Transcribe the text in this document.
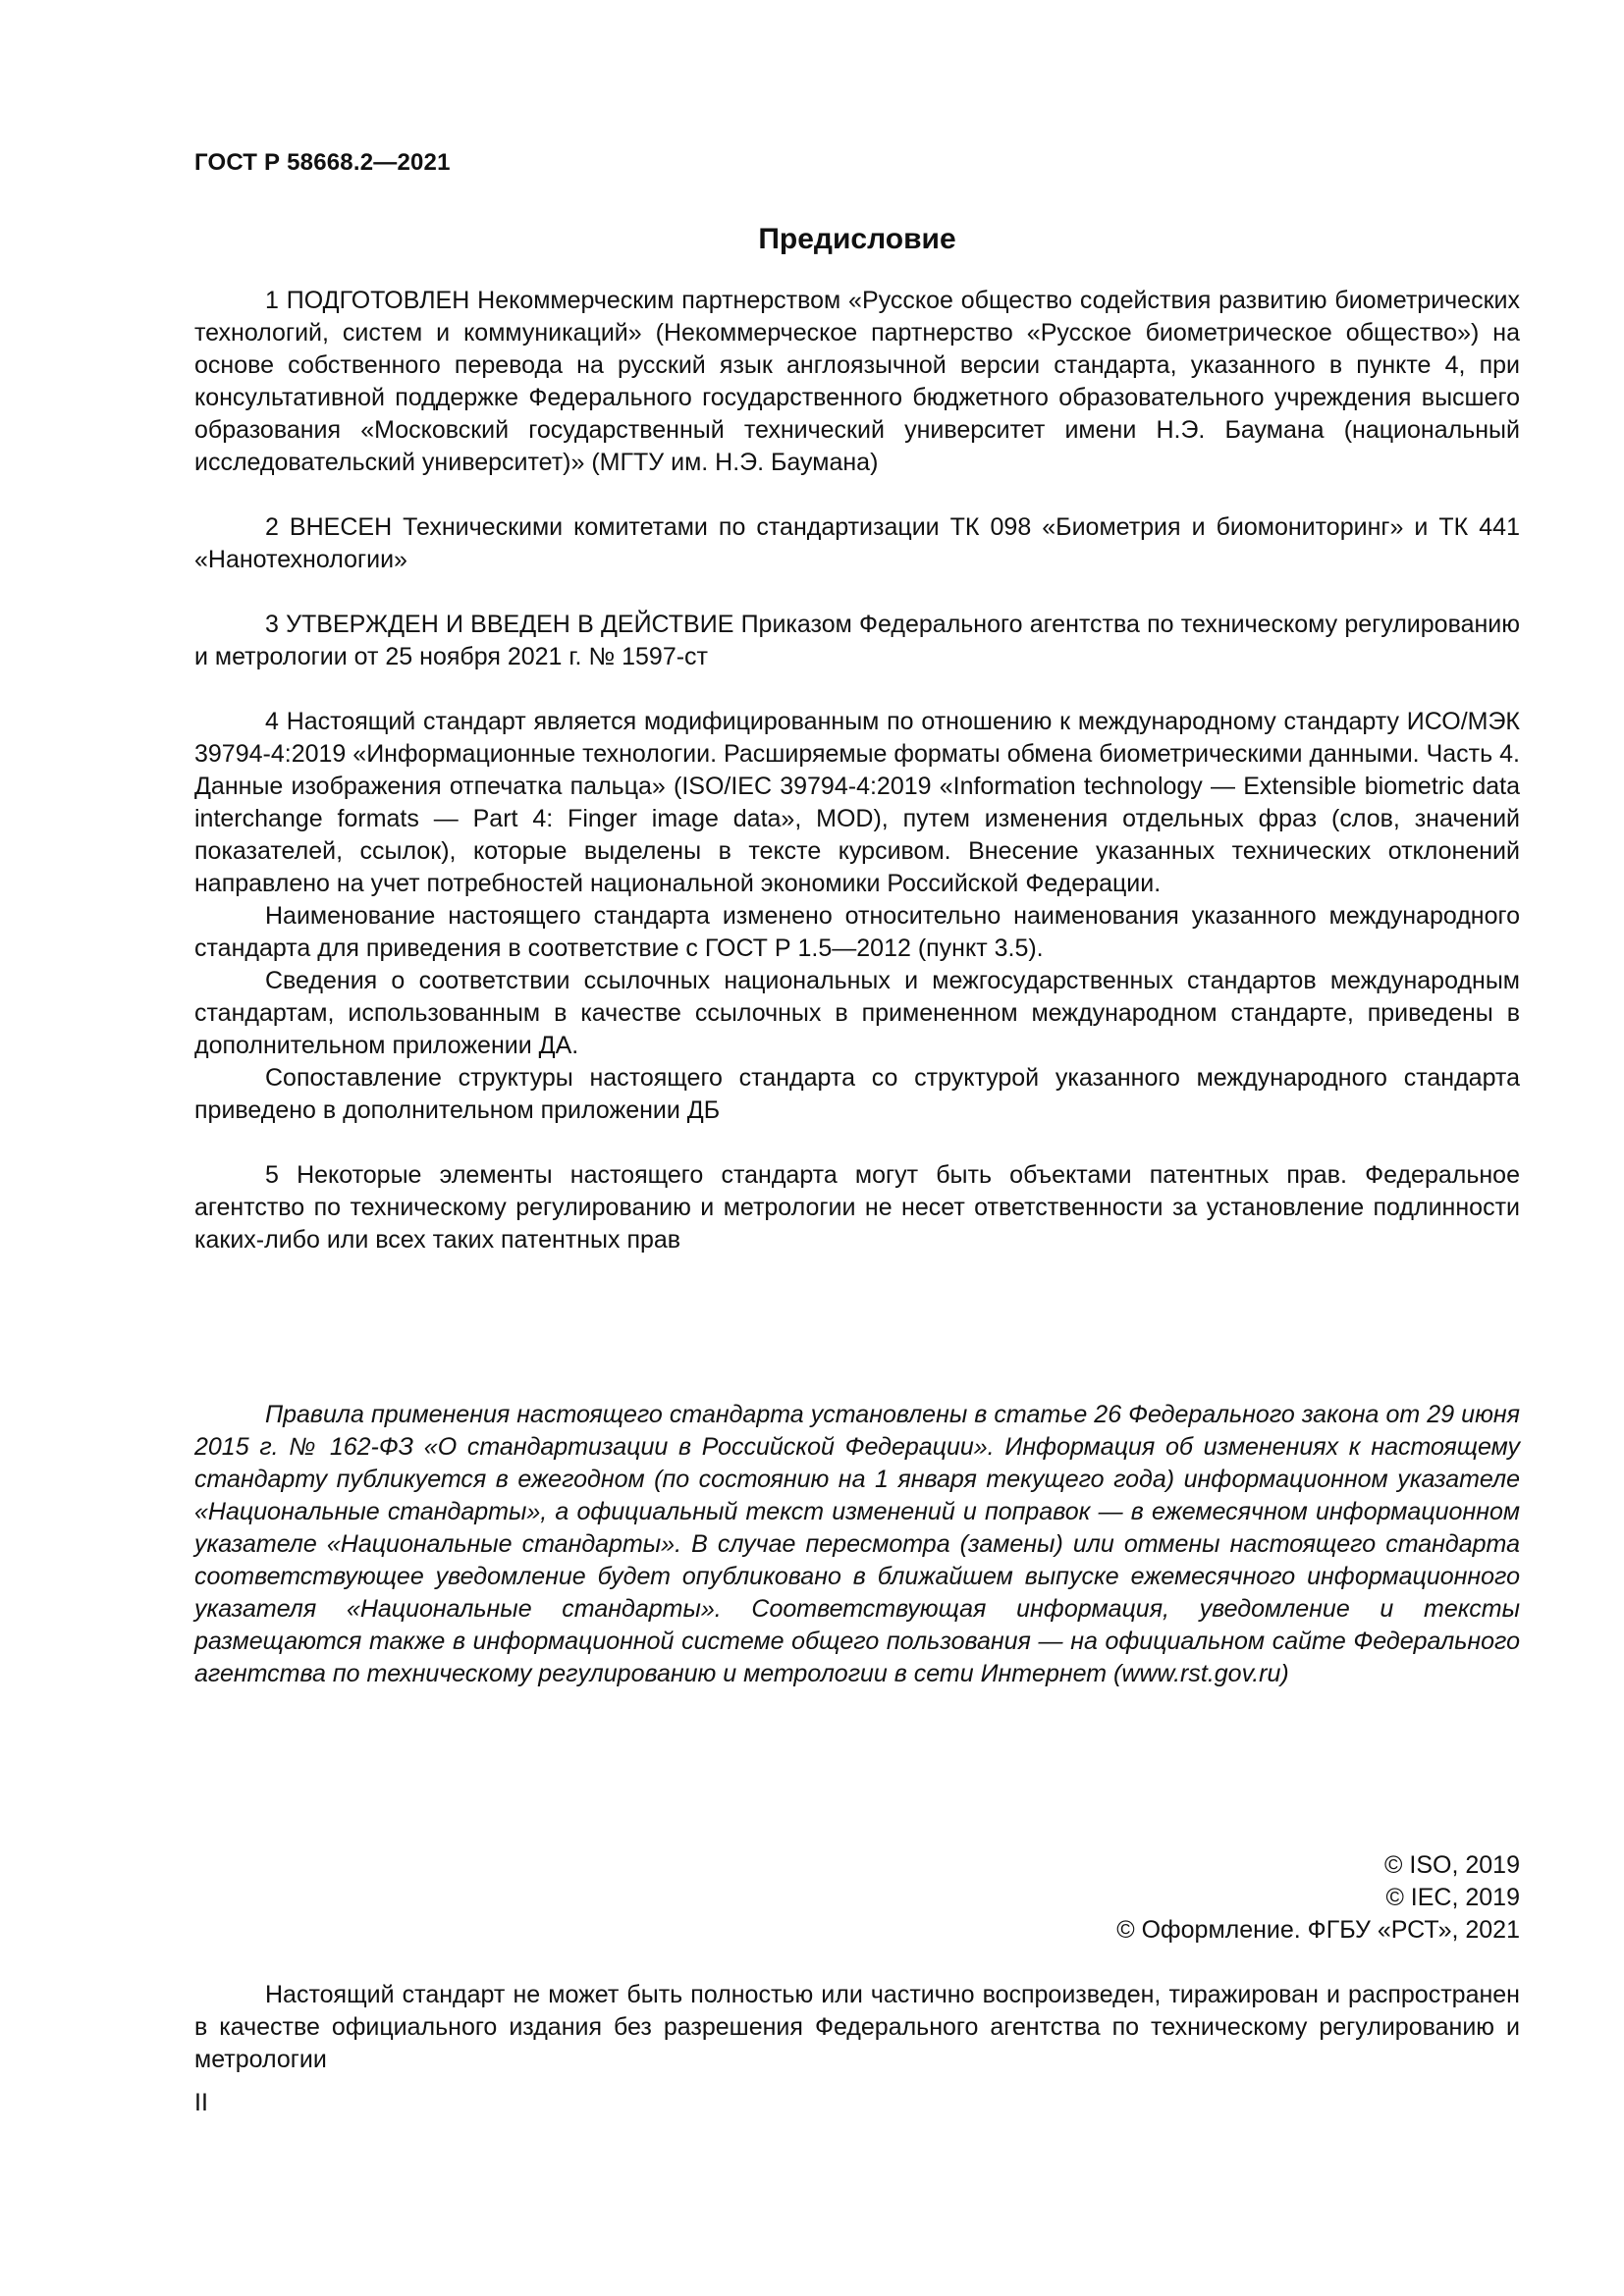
ГОСТ Р 58668.2—2021
Предисловие

1 ПОДГОТОВЛЕН Некоммерческим партнерством «Русское общество содействия развитию биометрических технологий, систем и коммуникаций» (Некоммерческое партнерство «Русское биометрическое общество») на основе собственного перевода на русский язык англоязычной версии стандарта, указанного в пункте 4, при консультативной поддержке Федерального государственного бюджетного образовательного учреждения высшего образования «Московский государственный технический университет имени Н.Э. Баумана (национальный исследовательский университет)» (МГТУ им. Н.Э. Баумана)

2 ВНЕСЕН Техническими комитетами по стандартизации ТК 098 «Биометрия и биомониторинг» и ТК 441 «Нанотехнологии»

3 УТВЕРЖДЕН И ВВЕДЕН В ДЕЙСТВИЕ Приказом Федерального агентства по техническому регулированию и метрологии от 25 ноября 2021 г. № 1597-ст

4 Настоящий стандарт является модифицированным по отношению к международному стандарту ИСО/МЭК 39794-4:2019 «Информационные технологии. Расширяемые форматы обмена биометрическими данными. Часть 4. Данные изображения отпечатка пальца» (ISO/IEC 39794-4:2019 «Information technology — Extensible biometric data interchange formats — Part 4: Finger image data», MOD), путем изменения отдельных фраз (слов, значений показателей, ссылок), которые выделены в тексте курсивом. Внесение указанных технических отклонений направлено на учет потребностей национальной экономики Российской Федерации.

Наименование настоящего стандарта изменено относительно наименования указанного международного стандарта для приведения в соответствие с ГОСТ Р 1.5—2012 (пункт 3.5).

Сведения о соответствии ссылочных национальных и межгосударственных стандартов международным стандартам, использованным в качестве ссылочных в примененном международном стандарте, приведены в дополнительном приложении ДА.

Сопоставление структуры настоящего стандарта со структурой указанного международного стандарта приведено в дополнительном приложении ДБ

5 Некоторые элементы настоящего стандарта могут быть объектами патентных прав. Федеральное агентство по техническому регулированию и метрологии не несет ответственности за установление подлинности каких-либо или всех таких патентных прав

Правила применения настоящего стандарта установлены в статье 26 Федерального закона от 29 июня 2015 г. № 162-ФЗ «О стандартизации в Российской Федерации». Информация об изменениях к настоящему стандарту публикуется в ежегодном (по состоянию на 1 января текущего года) информационном указателе «Национальные стандарты», а официальный текст изменений и поправок — в ежемесячном информационном указателе «Национальные стандарты». В случае пересмотра (замены) или отмены настоящего стандарта соответствующее уведомление будет опубликовано в ближайшем выпуске ежемесячного информационного указателя «Национальные стандарты». Соответствующая информация, уведомление и тексты размещаются также в информационной системе общего пользования — на официальном сайте Федерального агентства по техническому регулированию и метрологии в сети Интернет (www.rst.gov.ru)

© ISO, 2019
© IEC, 2019
© Оформление. ФГБУ «РСТ», 2021

Настоящий стандарт не может быть полностью или частично воспроизведен, тиражирован и распространен в качестве официального издания без разрешения Федерального агентства по техническому регулированию и метрологии

II
